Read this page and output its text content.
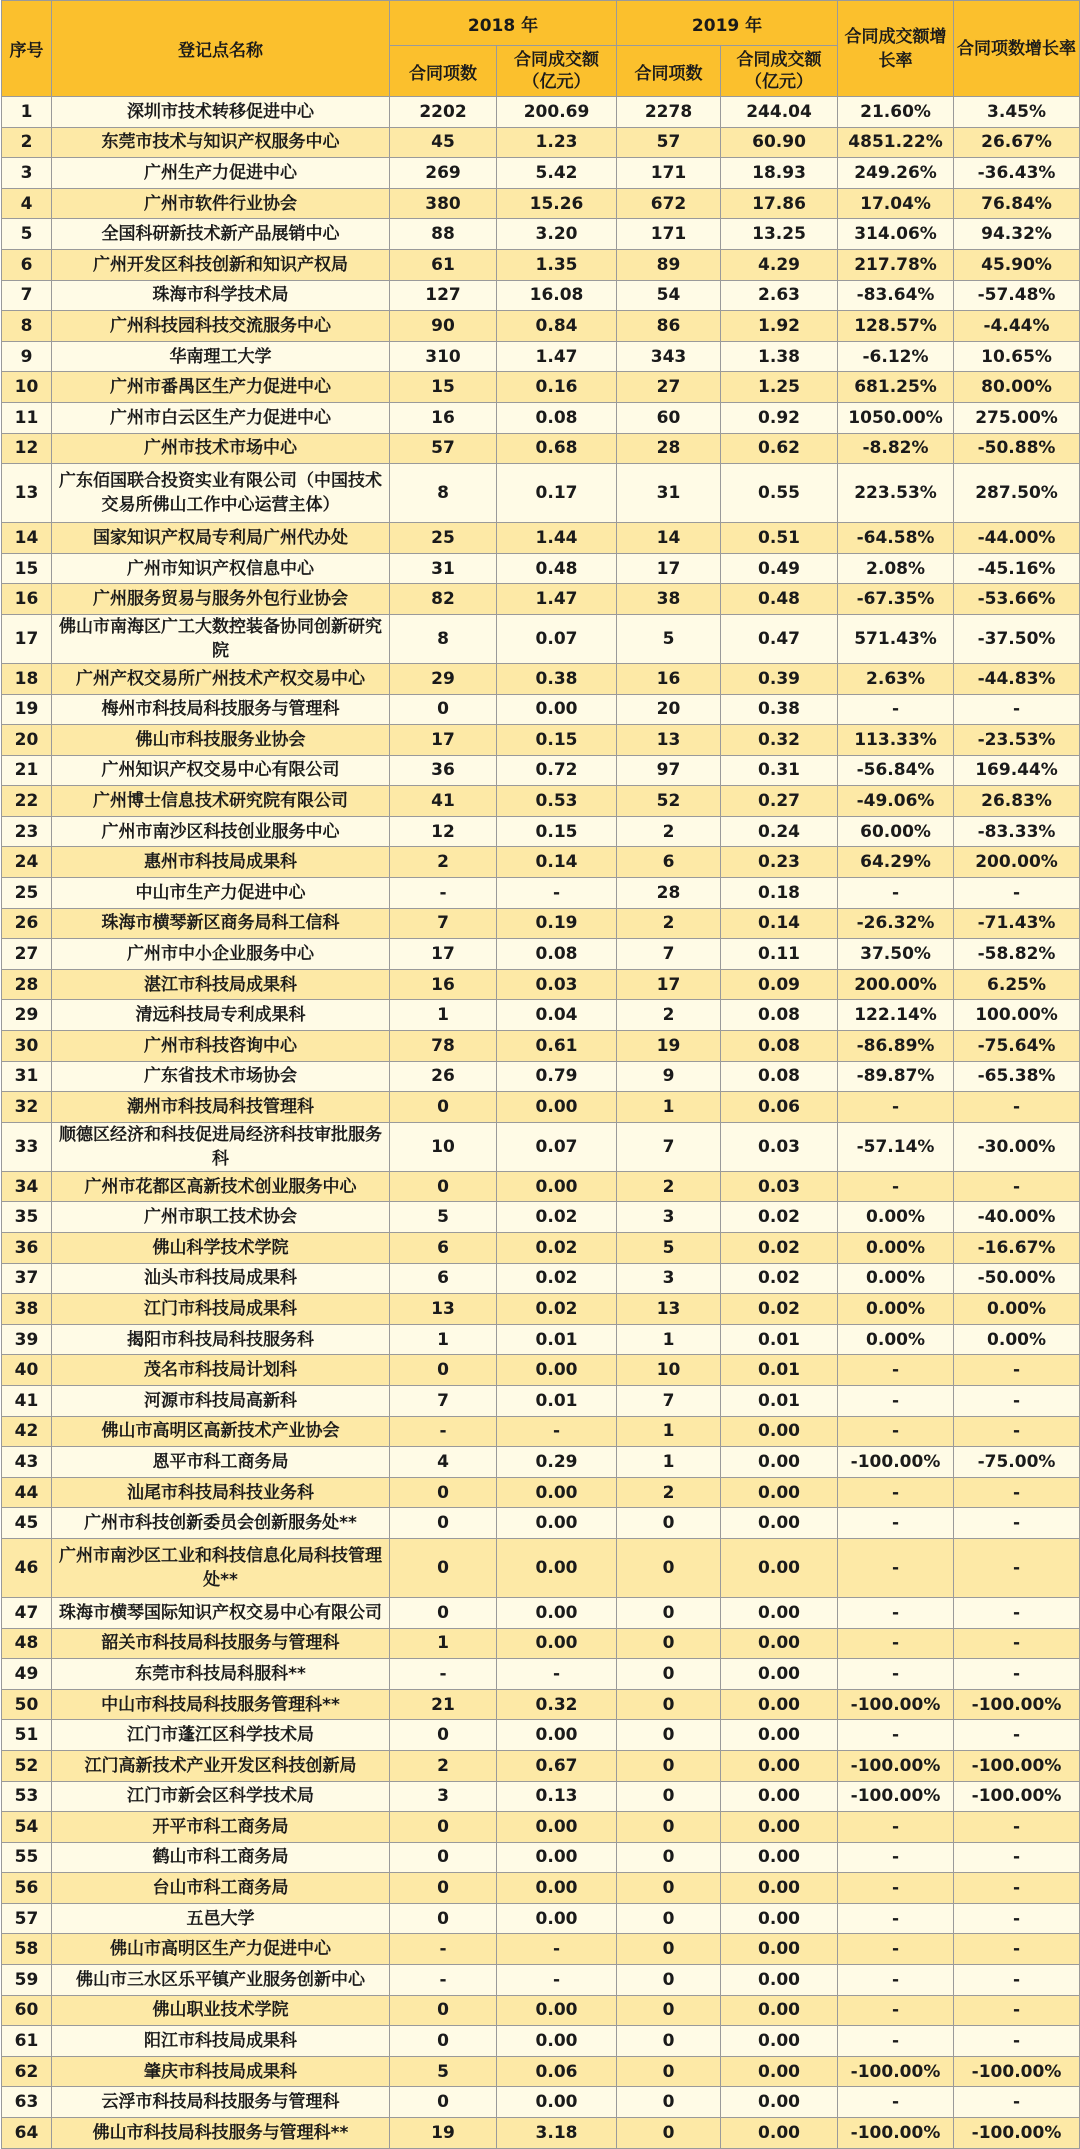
序号	登记点名称	2018 年		2019 年		合同成交额增长率	合同项数增长率
		合同项数	合同成交额（亿元）	合同项数	合同成交额（亿元）		
1	深圳市技术转移促进中心	2202	200.69	2278	244.04	21.60%	3.45%
2	东莞市技术与知识产权服务中心	45	1.23	57	60.90	4851.22%	26.67%
3	广州生产力促进中心	269	5.42	171	18.93	249.26%	-36.43%
4	广州市软件行业协会	380	15.26	672	17.86	17.04%	76.84%
5	全国科研新技术新产品展销中心	88	3.20	171	13.25	314.06%	94.32%
6	广州开发区科技创新和知识产权局	61	1.35	89	4.29	217.78%	45.90%
7	珠海市科学技术局	127	16.08	54	2.63	-83.64%	-57.48%
8	广州科技园科技交流服务中心	90	0.84	86	1.92	128.57%	-4.44%
9	华南理工大学	310	1.47	343	1.38	-6.12%	10.65%
10	广州市番禺区生产力促进中心	15	0.16	27	1.25	681.25%	80.00%
11	广州市白云区生产力促进中心	16	0.08	60	0.92	1050.00%	275.00%
12	广州市技术市场中心	57	0.68	28	0.62	-8.82%	-50.88%
13	广东佰国联合投资实业有限公司（中国技术交易所佛山工作中心运营主体）	8	0.17	31	0.55	223.53%	287.50%
14	国家知识产权局专利局广州代办处	25	1.44	14	0.51	-64.58%	-44.00%
15	广州市知识产权信息中心	31	0.48	17	0.49	2.08%	-45.16%
16	广州服务贸易与服务外包行业协会	82	1.47	38	0.48	-67.35%	-53.66%
17	佛山市南海区广工大数控装备协同创新研究院	8	0.07	5	0.47	571.43%	-37.50%
18	广州产权交易所广州技术产权交易中心	29	0.38	16	0.39	2.63%	-44.83%
19	梅州市科技局科技服务与管理科	0	0.00	20	0.38	-	-
20	佛山市科技服务业协会	17	0.15	13	0.32	113.33%	-23.53%
21	广州知识产权交易中心有限公司	36	0.72	97	0.31	-56.84%	169.44%
22	广州博士信息技术研究院有限公司	41	0.53	52	0.27	-49.06%	26.83%
23	广州市南沙区科技创业服务中心	12	0.15	2	0.24	60.00%	-83.33%
24	惠州市科技局成果科	2	0.14	6	0.23	64.29%	200.00%
25	中山市生产力促进中心	-	-	28	0.18	-	-
26	珠海市横琴新区商务局科工信科	7	0.19	2	0.14	-26.32%	-71.43%
27	广州市中小企业服务中心	17	0.08	7	0.11	37.50%	-58.82%
28	湛江市科技局成果科	16	0.03	17	0.09	200.00%	6.25%
29	清远科技局专利成果科	1	0.04	2	0.08	122.14%	100.00%
30	广州市科技咨询中心	78	0.61	19	0.08	-86.89%	-75.64%
31	广东省技术市场协会	26	0.79	9	0.08	-89.87%	-65.38%
32	潮州市科技局科技管理科	0	0.00	1	0.06	-	-
33	顺德区经济和科技促进局经济科技审批服务科	10	0.07	7	0.03	-57.14%	-30.00%
34	广州市花都区高新技术创业服务中心	0	0.00	2	0.03	-	-
35	广州市职工技术协会	5	0.02	3	0.02	0.00%	-40.00%
36	佛山科学技术学院	6	0.02	5	0.02	0.00%	-16.67%
37	汕头市科技局成果科	6	0.02	3	0.02	0.00%	-50.00%
38	江门市科技局成果科	13	0.02	13	0.02	0.00%	0.00%
39	揭阳市科技局科技服务科	1	0.01	1	0.01	0.00%	0.00%
40	茂名市科技局计划科	0	0.00	10	0.01	-	-
41	河源市科技局高新科	7	0.01	7	0.01	-	-
42	佛山市高明区高新技术产业协会	-	-	1	0.00	-	-
43	恩平市科工商务局	4	0.29	1	0.00	-100.00%	-75.00%
44	汕尾市科技局科技业务科	0	0.00	2	0.00	-	-
45	广州市科技创新委员会创新服务处**	0	0.00	0	0.00	-	-
46	广州市南沙区工业和科技信息化局科技管理处**	0	0.00	0	0.00	-	-
47	珠海市横琴国际知识产权交易中心有限公司	0	0.00	0	0.00	-	-
48	韶关市科技局科技服务与管理科	1	0.00	0	0.00	-	-
49	东莞市科技局科服科**	-	-	0	0.00	-	-
50	中山市科技局科技服务管理科**	21	0.32	0	0.00	-100.00%	-100.00%
51	江门市蓬江区科学技术局	0	0.00	0	0.00	-	-
52	江门高新技术产业开发区科技创新局	2	0.67	0	0.00	-100.00%	-100.00%
53	江门市新会区科学技术局	3	0.13	0	0.00	-100.00%	-100.00%
54	开平市科工商务局	0	0.00	0	0.00	-	-
55	鹤山市科工商务局	0	0.00	0	0.00	-	-
56	台山市科工商务局	0	0.00	0	0.00	-	-
57	五邑大学	0	0.00	0	0.00	-	-
58	佛山市高明区生产力促进中心	-	-	0	0.00	-	-
59	佛山市三水区乐平镇产业服务创新中心	-	-	0	0.00	-	-
60	佛山职业技术学院	0	0.00	0	0.00	-	-
61	阳江市科技局成果科	0	0.00	0	0.00	-	-
62	肇庆市科技局成果科	5	0.06	0	0.00	-100.00%	-100.00%
63	云浮市科技局科技服务与管理科	0	0.00	0	0.00	-	-
64	佛山市科技局科技服务与管理科**	19	3.18	0	0.00	-100.00%	-100.00%
